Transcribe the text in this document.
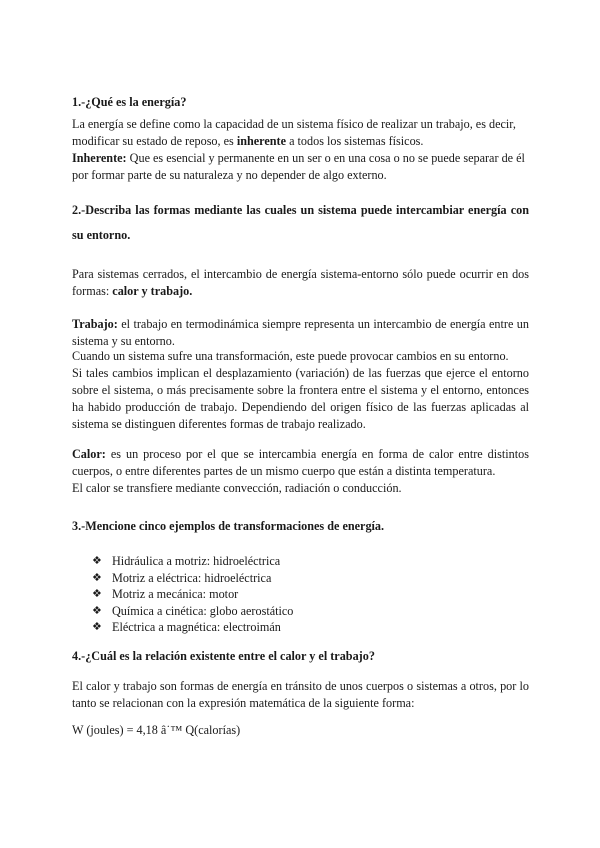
1.-¿Qué es la energía?

La energía se define como la capacidad de un sistema físico de realizar un trabajo, es decir, modificar su estado de reposo, es inherente a todos los sistemas físicos.

Inherente: Que es esencial y permanente en un ser o en una cosa o no se puede separar de él por formar parte de su naturaleza y no depender de algo externo.

2.-Describa las formas mediante las cuales un sistema puede intercambiar energía con su entorno.

Para sistemas cerrados, el intercambio de energía sistema-entorno sólo puede ocurrir en dos formas: calor y trabajo.

Trabajo: el trabajo en termodinámica siempre representa un intercambio de energía entre un sistema y su entorno.

Cuando un sistema sufre una transformación, este puede provocar cambios en su entorno.

Si tales cambios implican el desplazamiento (variación) de las fuerzas que ejerce el entorno sobre el sistema, o más precisamente sobre la frontera entre el sistema y el entorno, entonces ha habido producción de trabajo. Dependiendo del origen físico de las fuerzas aplicadas al sistema se distinguen diferentes formas de trabajo realizado.

Calor: es un proceso por el que se intercambia energía en forma de calor entre distintos cuerpos, o entre diferentes partes de un mismo cuerpo que están a distinta temperatura.

El calor se transfiere mediante convección, radiación o conducción.

3.-Mencione cinco ejemplos de transformaciones de energía.
❖ Hidráulica a motriz: hidroeléctrica
❖ Motriz a eléctrica: hidroeléctrica
❖ Motriz a mecánica: motor
❖ Química a cinética: globo aerostático
❖ Eléctrica a magnética: electroimán
4.-¿Cuál es la relación existente entre el calor y el trabajo?

El calor y trabajo son formas de energía en tránsito de unos cuerpos o sistemas a otros, por lo tanto se relacionan con la expresión matemática de la siguiente forma:

W (joules) = 4,18 â˙™ Q(calorías)
